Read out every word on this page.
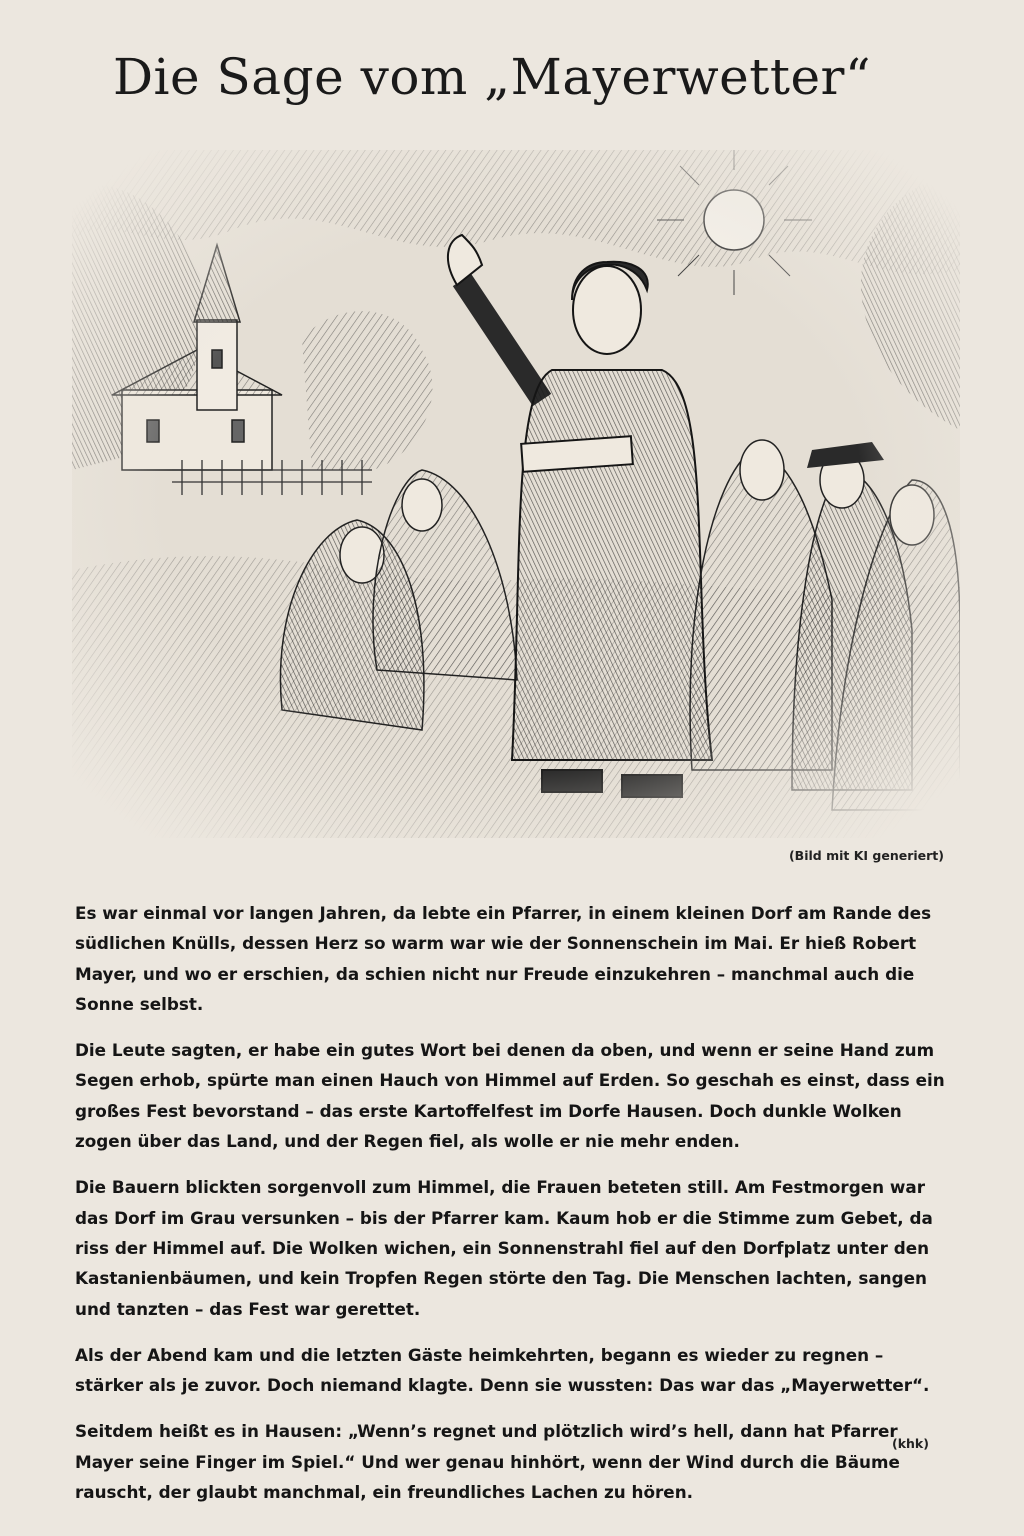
Die Sage vom „Mayerwetter“
(Bild mit KI generiert)

Es war einmal vor langen Jahren, da lebte ein Pfarrer, in einem kleinen Dorf am Rande des südlichen Knülls, dessen Herz so warm war wie der Sonnenschein im Mai. Er hieß Robert Mayer, und wo er erschien, da schien nicht nur Freude einzukehren – manchmal auch die Sonne selbst.

Die Leute sagten, er habe ein gutes Wort bei denen da oben, und wenn er seine Hand zum Segen erhob, spürte man einen Hauch von Himmel auf Erden. So geschah es einst, dass ein großes Fest bevorstand – das erste Kartoffelfest im Dorfe Hausen. Doch dunkle Wolken zogen über das Land, und der Regen fiel, als wolle er nie mehr enden.

Die Bauern blickten sorgenvoll zum Himmel, die Frauen beteten still. Am Festmorgen war das Dorf im Grau versunken – bis der Pfarrer kam. Kaum hob er die Stimme zum Gebet, da riss der Himmel auf. Die Wolken wichen, ein Sonnenstrahl fiel auf den Dorfplatz unter den Kastanienbäumen, und kein Tropfen Regen störte den Tag. Die Menschen lachten, sangen und tanzten – das Fest war gerettet.

Als der Abend kam und die letzten Gäste heimkehrten, begann es wieder zu regnen – stärker als je zuvor. Doch niemand klagte. Denn sie wussten: Das war das „Mayerwetter“.

Seitdem heißt es in Hausen: „Wenn’s regnet und plötzlich wird’s hell, dann hat Pfarrer Mayer seine Finger im Spiel.“ Und wer genau hinhört, wenn der Wind durch die Bäume rauscht, der glaubt manchmal, ein freundliches Lachen zu hören.

(khk)
